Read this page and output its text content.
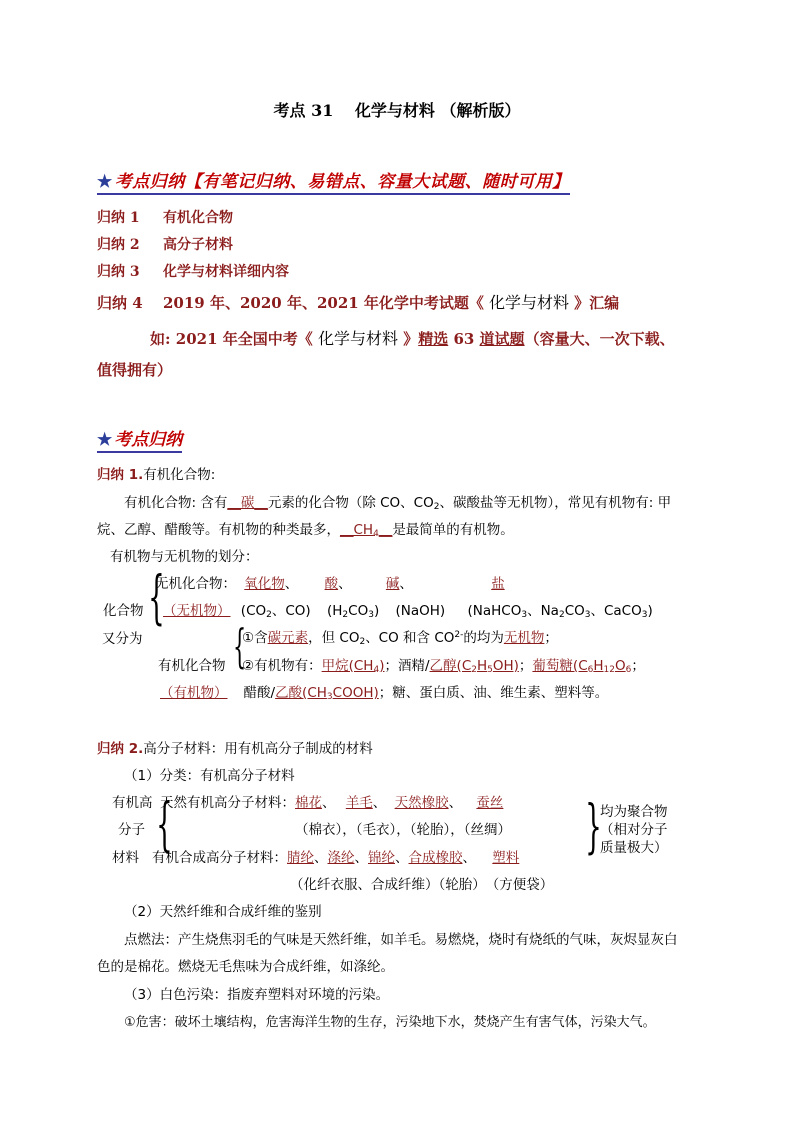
考点 31　 化学与材料 （解析版）
★ 考点归纳【有笔记归纳、易错点、容量大试题、随时可用】
归纳 1 有机化合物
归纳 2 高分子材料
归纳 3 化学与材料详细内容
归纳 4 2019 年、2020 年、2021 年化学中考试题《 化学与材料 》汇编
如: 2021 年全国中考《 化学与材料 》精选 63 道试题（容量大、一次下载、
值得拥有）
★ 考点归纳
归纳 1.有机化合物:
有机化合物: 含有__碳__元素的化合物（除 CO、$CO_2$、碳酸盐等无机物），常见有机物有: 甲
烷、乙醇、醋酸等。有机物的种类最多，$\_\_CH_4\_\_$是最简单的有机物。
有机物与无机物的划分：
无机化合物： 氧化物、 酸、	碱、	盐
{
化合物
又分为
（无机物） ($CO_2$、CO) $(H_2CO_3)$ (NaOH) (NaHCO$_3$、$Na_2CO_3$、CaCO$_3$)
{
①含碳元素，但 $CO_2$、CO 和含 $CO^{2-}$的均为无机物；
有机化合物 ②有机物有：甲烷$(CH_4)$；酒精/乙醇$(C_2H_5OH)$；葡萄糖($C_6H_{12}O_6$；
（有机物） 醋酸/乙酸$(CH_3COOH)$；糖、蛋白质、油、维生素、塑料等。
归纳 2.高分子材料：用有机高分子制成的材料
（1）分类：有机高分子材料
有机高
分子
材料 {
天然有机高分子材料：棉花、 羊毛、 天然橡胶、 蚕丝
（棉衣），（毛衣），（轮胎），（丝绸）
有机合成高分子材料：腈纶、涤纶、锦纶、合成橡胶、 塑料
（化纤衣服、合成纤维）（轮胎）　（方便袋）
{
均为聚合物
（相对分子
质量极大）
（2）天然纤维和合成纤维的鉴别
点燃法：产生烧焦羽毛的气味是天然纤维，如羊毛。易燃烧，烧时有烧纸的气味，灰烬显灰白
色的是棉花。燃烧无毛焦味为合成纤维，如涤纶。
（3）白色污染：指废弃塑料对环境的污染。
①危害：破坏土壤结构，危害海洋生物的生存，污染地下水，焚烧产生有害气体，污染大气。
